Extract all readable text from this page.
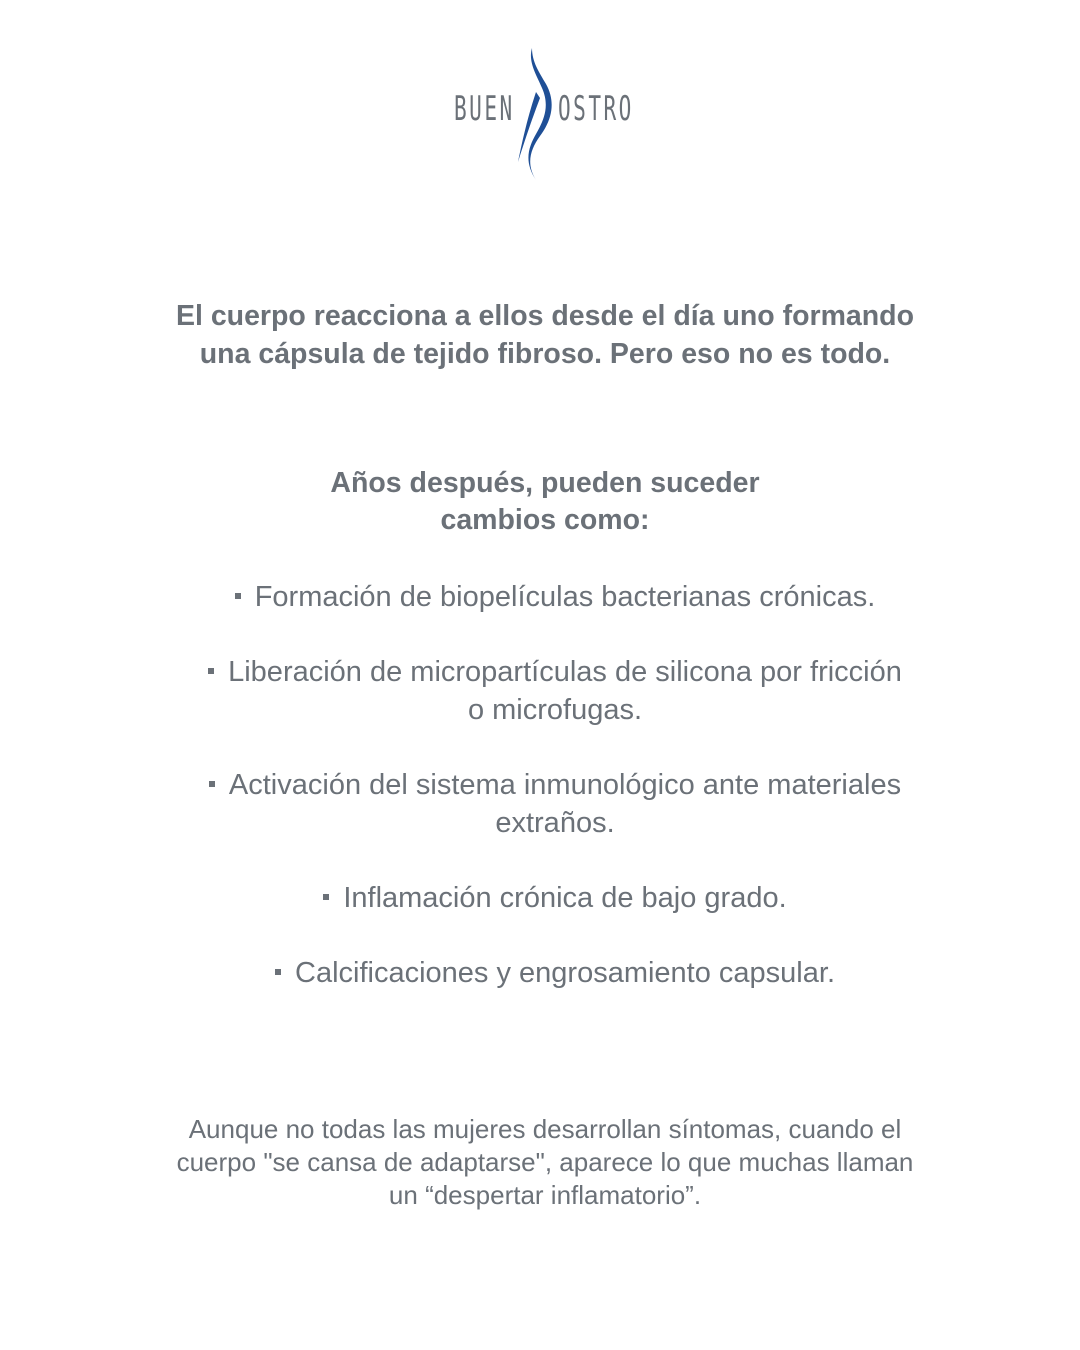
BUEN OSTRO

El cuerpo reacciona a ellos desde el día uno formando
una cápsula de tejido fibroso. Pero eso no es todo.

Años después, pueden suceder
cambios como:
Formación de biopelículas bacterianas crónicas.
Liberación de micropartículas de silicona por fricción
o microfugas.
Activación del sistema inmunológico ante materiales
extraños.
Inflamación crónica de bajo grado.
Calcificaciones y engrosamiento capsular.

Aunque no todas las mujeres desarrollan síntomas, cuando el
cuerpo "se cansa de adaptarse", aparece lo que muchas llaman
un “despertar inflamatorio”.
